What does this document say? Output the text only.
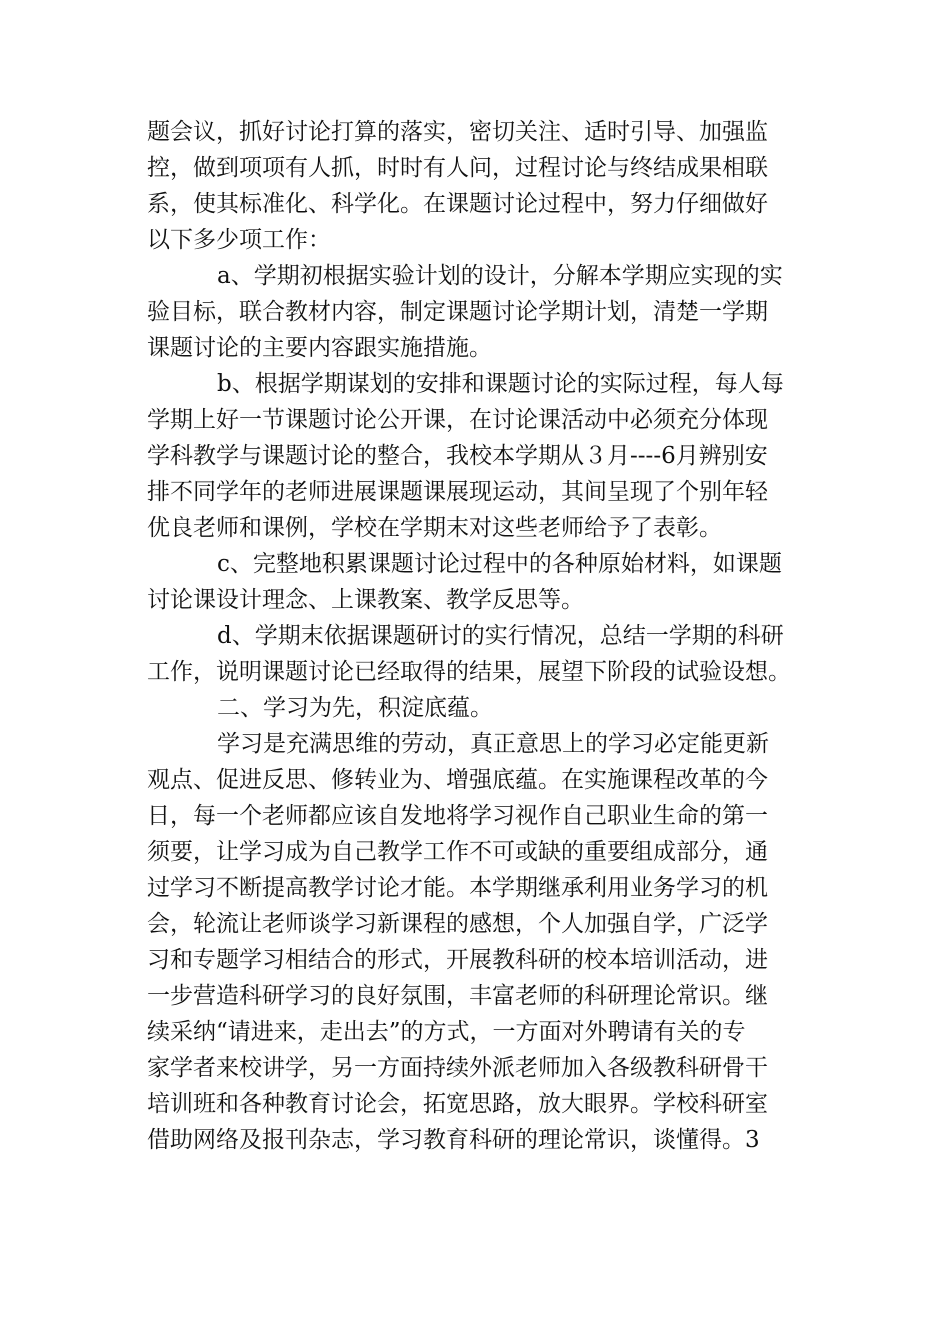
题会议，抓好讨论打算的落实，密切关注、适时引导、加强监
控，做到项项有人抓，时时有人问，过程讨论与终结成果相联
系，使其标准化、科学化。在课题讨论过程中，努力仔细做好
以下多少项工作：
a、学期初根据实验计划的设计，分解本学期应实现的实
验目标，联合教材内容，制定课题讨论学期计划，清楚一学期
课题讨论的主要内容跟实施措施。
b、根据学期谋划的安排和课题讨论的实际过程，每人每
学期上好一节课题讨论公开课，在讨论课活动中必须充分体现
学科教学与课题讨论的整合，我校本学期从３月----6月辨别安
排不同学年的老师进展课题课展现运动，其间呈现了个别年轻
优良老师和课例，学校在学期末对这些老师给予了表彰。
c、完整地积累课题讨论过程中的各种原始材料，如课题
讨论课设计理念、上课教案、教学反思等。
d、学期末依据课题研讨的实行情况，总结一学期的科研
工作，说明课题讨论已经取得的结果，展望下阶段的试验设想。
二、学习为先，积淀底蕴。
学习是充满思维的劳动，真正意思上的学习必定能更新
观点、促进反思、修转业为、增强底蕴。在实施课程改革的今
日，每一个老师都应该自发地将学习视作自己职业生命的第一
须要，让学习成为自己教学工作不可或缺的重要组成部分，通
过学习不断提高教学讨论才能。本学期继承利用业务学习的机
会，轮流让老师谈学习新课程的感想，个人加强自学，广泛学
习和专题学习相结合的形式，开展教科研的校本培训活动，进
一步营造科研学习的良好氛围，丰富老师的科研理论常识。继
续采纳“请进来，走出去”的方式，一方面对外聘请有关的专
家学者来校讲学，另一方面持续外派老师加入各级教科研骨干
培训班和各种教育讨论会，拓宽思路，放大眼界。学校科研室
借助网络及报刊杂志，学习教育科研的理论常识，谈懂得。3
